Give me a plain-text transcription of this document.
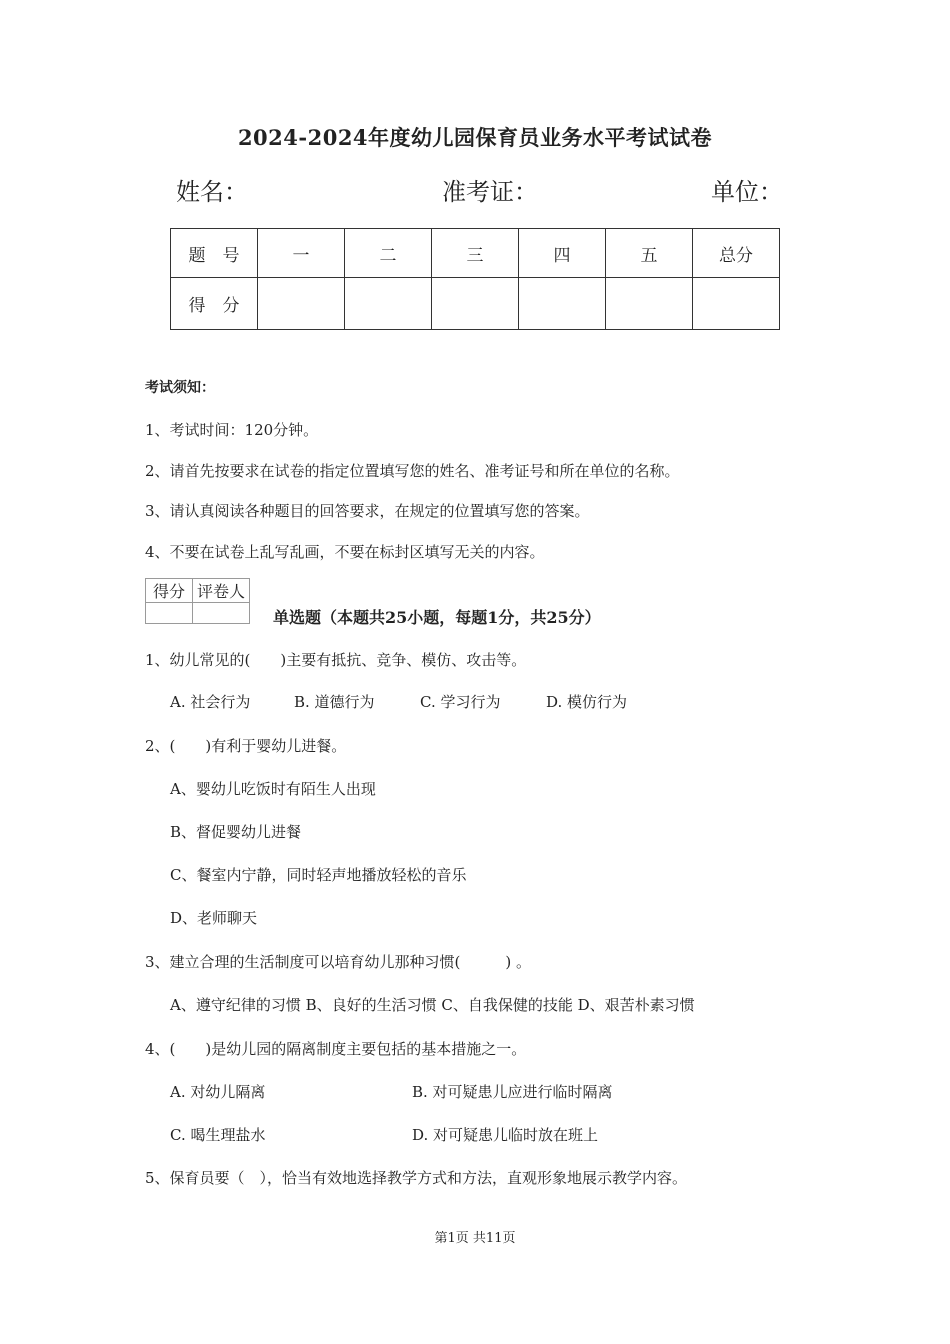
2024-2024年度幼儿园保育员业务水平考试试卷
姓名：	准考证：	单位：
题　号	一	二	三	四	五	总分
得　分						
考试须知：
1、考试时间：120分钟。
2、请首先按要求在试卷的指定位置填写您的姓名、准考证号和所在单位的名称。
3、请认真阅读各种题目的回答要求，在规定的位置填写您的答案。
4、不要在试卷上乱写乱画，不要在标封区填写无关的内容。
得分	评卷人

单选题（本题共25小题，每题1分，共25分）
1、幼儿常见的(　　)主要有抵抗、竞争、模仿、攻击等。
A. 社会行为	B. 道德行为	C. 学习行为	D. 模仿行为
2、(　　)有利于婴幼儿进餐。
A、婴幼儿吃饭时有陌生人出现
B、督促婴幼儿进餐
C、餐室内宁静，同时轻声地播放轻松的音乐
D、老师聊天
3、建立合理的生活制度可以培育幼儿那种习惯(　　　) 。
A、遵守纪律的习惯 B、良好的生活习惯 C、自我保健的技能 D、艰苦朴素习惯
4、(　　)是幼儿园的隔离制度主要包括的基本措施之一。
A. 对幼儿隔离	B. 对可疑患儿应进行临时隔离
C. 喝生理盐水	D. 对可疑患儿临时放在班上
5、保育员要（　），恰当有效地选择教学方式和方法，直观形象地展示教学内容。
第1页 共11页
